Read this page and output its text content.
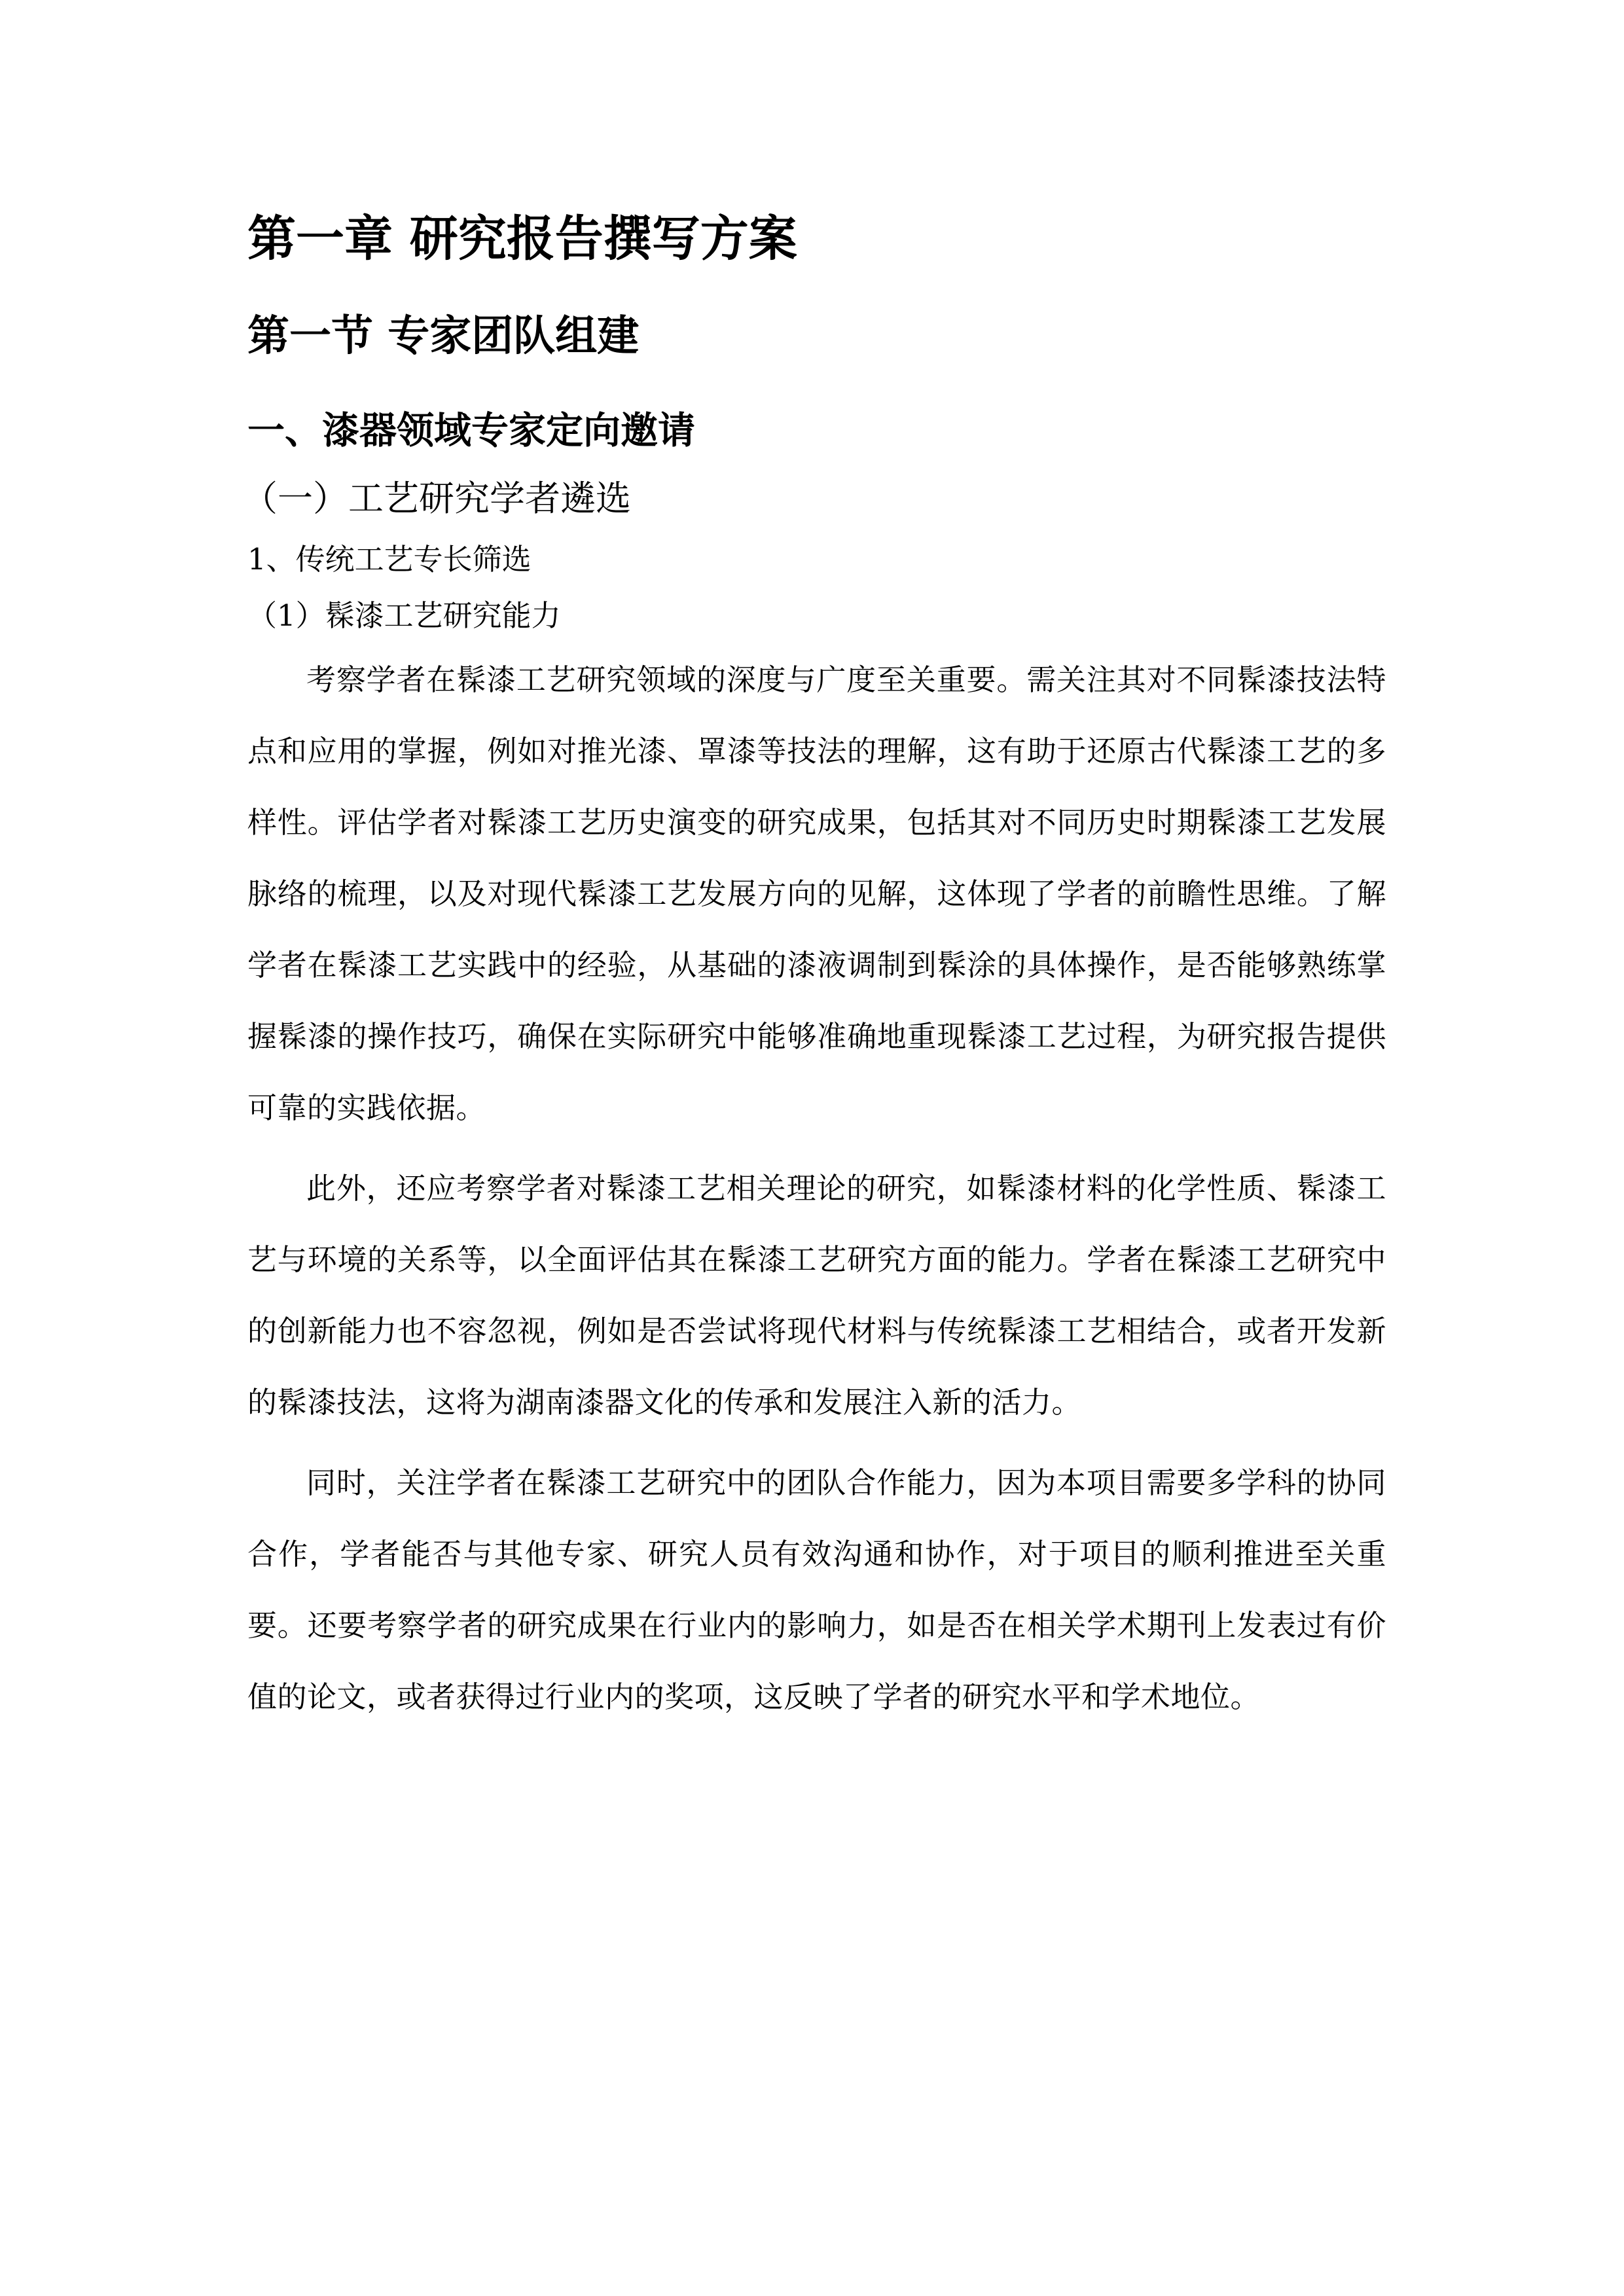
第一章 研究报告撰写方案
第一节 专家团队组建
一、漆器领域专家定向邀请
（一）工艺研究学者遴选
1、传统工艺专长筛选
（1）髹漆工艺研究能力

考察学者在髹漆工艺研究领域的深度与广度至关重要。需关注其对不同髹漆技法特点和应用的掌握，例如对推光漆、罩漆等技法的理解，这有助于还原古代髹漆工艺的多样性。评估学者对髹漆工艺历史演变的研究成果，包括其对不同历史时期髹漆工艺发展脉络的梳理，以及对现代髹漆工艺发展方向的见解，这体现了学者的前瞻性思维。了解学者在髹漆工艺实践中的经验，从基础的漆液调制到髹涂的具体操作，是否能够熟练掌握髹漆的操作技巧，确保在实际研究中能够准确地重现髹漆工艺过程，为研究报告提供可靠的实践依据。

此外，还应考察学者对髹漆工艺相关理论的研究，如髹漆材料的化学性质、髹漆工艺与环境的关系等，以全面评估其在髹漆工艺研究方面的能力。学者在髹漆工艺研究中的创新能力也不容忽视，例如是否尝试将现代材料与传统髹漆工艺相结合，或者开发新的髹漆技法，这将为湖南漆器文化的传承和发展注入新的活力。

同时，关注学者在髹漆工艺研究中的团队合作能力，因为本项目需要多学科的协同合作，学者能否与其他专家、研究人员有效沟通和协作，对于项目的顺利推进至关重要。还要考察学者的研究成果在行业内的影响力，如是否在相关学术期刊上发表过有价值的论文，或者获得过行业内的奖项，这反映了学者的研究水平和学术地位。
